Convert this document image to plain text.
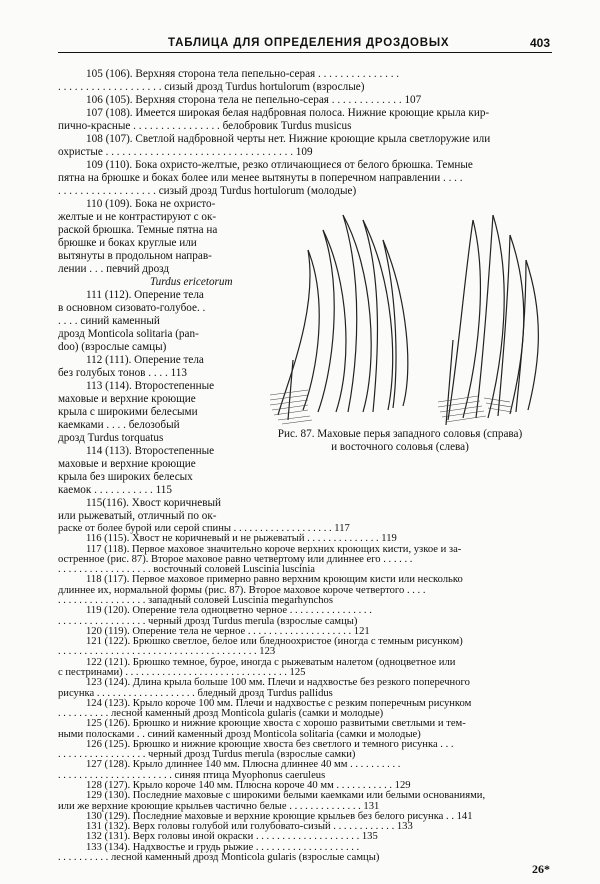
ТАБЛИЦА ДЛЯ ОПРЕДЕЛЕНИЯ ДРОЗДОВЫХ	403
105 (106). Верхняя сторона тела пепельно-серая . . . . . . . . . . . . . . .
. . . . . . . . . . . . . . . . . . . сизый дрозд Turdus hortulorum (взрослые)
106 (105). Верхняя сторона тела не пепельно-серая . . . . . . . . . . . . . 107
107 (108). Имеется широкая белая надбровная полоса. Нижние кроющие крыла кир-
пично-красные . . . . . . . . . . . . . . . . белобровик Turdus musicus
108 (107). Светлой надбровной черты нет. Нижние кроющие крыла светлоружие или
охристые . . . . . . . . . . . . . . . . . . . . . . . . . . . . . . . . . . 109
109 (110). Бока охристо-желтые, резко отличающиеся от белого брюшка. Темные
пятна на брюшке и боках более или менее вытянуты в поперечном направлении . . . .
. . . . . . . . . . . . . . . . . . сизый дрозд Turdus hortulorum (молодые)
110 (109). Бока не охристо-
желтые и не контрастируют с ок-
раской брюшка. Темные пятна на
брюшке и боках круглые или
вытянуты в продольном направ-
лении . . . певчий дрозд
Turdus ericetorum
111 (112). Оперение тела
в основном сизовато-голубое. .
. . . . синий каменный
дрозд Monticola solitaria (pan-
doo) (взрослые самцы)
112 (111). Оперение тела
без голубых тонов . . . . 113
113 (114). Второстепенные
маховые и верхние кроющие
крыла с широкими белесыми
каемками . . . . белозобый
дрозд Turdus torquatus
114 (113). Второстепенные
маховые и верхние кроющие
крыла без широких белесых
каемок . . . . . . . . . . . 115
115(116). Хвост коричневый
или рыжеватый, отличный по ок-
Рис. 87. Маховые перья западного соловья (справа)
и восточного соловья (слева)
26*
раске от более бурой или серой спины . . . . . . . . . . . . . . . . . . . 117
116 (115). Хвост не коричневый и не рыжеватый . . . . . . . . . . . . . . 119
117 (118). Первое маховое значительно короче верхних кроющих кисти, узкое и за-
остренное (рис. 87). Второе маховое равно четвертому или длиннее его . . . . . .
. . . . . . . . . . . . . . . . . . восточный соловей Luscinia luscinia
118 (117). Первое маховое примерно равно верхним кроющим кисти или несколько
длиннее их, нормальной формы (рис. 87). Второе маховое короче четвертого . . . .
. . . . . . . . . . . . . . . . . западный соловей Luscinia megarhynchos
119 (120). Оперение тела одноцветно черное . . . . . . . . . . . . . . . .
. . . . . . . . . . . . . . . . . черный дрозд Turdus merula (взрослые самцы)
120 (119). Оперение тела не черное . . . . . . . . . . . . . . . . . . . . 121
121 (122). Брюшко светлое, белое или бледноохристое (иногда с темным рисунком)
. . . . . . . . . . . . . . . . . . . . . . . . . . . . . . . . . . . . . . 123
122 (121). Брюшко темное, бурое, иногда с рыжеватым налетом (одноцветное или
с пестринами) . . . . . . . . . . . . . . . . . . . . . . . . . . . . . . . 125
123 (124). Длина крыла больше 100 мм. Плечи и надхвостье без резкого поперечного
рисунка . . . . . . . . . . . . . . . . . . . бледный дрозд Turdus pallidus
124 (123). Крыло короче 100 мм. Плечи и надхвостье с резким поперечным рисунком
. . . . . . . . . . лесной каменный дрозд Monticola gularis (самки и молодые)
125 (126). Брюшко и нижние кроющие хвоста с хорошо развитыми светлыми и тем-
ными полосками . . синий каменный дрозд Monticola solitaria (самки и молодые)
126 (125). Брюшко и нижние кроющие хвоста без светлого и темного рисунка . . .
. . . . . . . . . . . . . . . . . черный дрозд Turdus merula (взрослые самки)
127 (128). Крыло длиннее 140 мм. Плюсна длиннее 40 мм . . . . . . . . . .
. . . . . . . . . . . . . . . . . . . . . . синяя птица Myophonus caeruleus
128 (127). Крыло короче 140 мм. Плюсна короче 40 мм . . . . . . . . . . . 129
129 (130). Последние маховые с широкими белыми каемками или белыми основаниями,
или же верхние кроющие крыльев частично белые . . . . . . . . . . . . . . 131
130 (129). Последние маховые и верхние кроющие крыльев без белого рисунка . . 141
131 (132). Верх головы голубой или голубовато-сизый . . . . . . . . . . . . 133
132 (131). Верх головы иной окраски . . . . . . . . . . . . . . . . . . . . 135
133 (134). Надхвостье и грудь рыжие . . . . . . . . . . . . . . . . . . . .
. . . . . . . . . . лесной каменный дрозд Monticola gularis (взрослые самцы)
